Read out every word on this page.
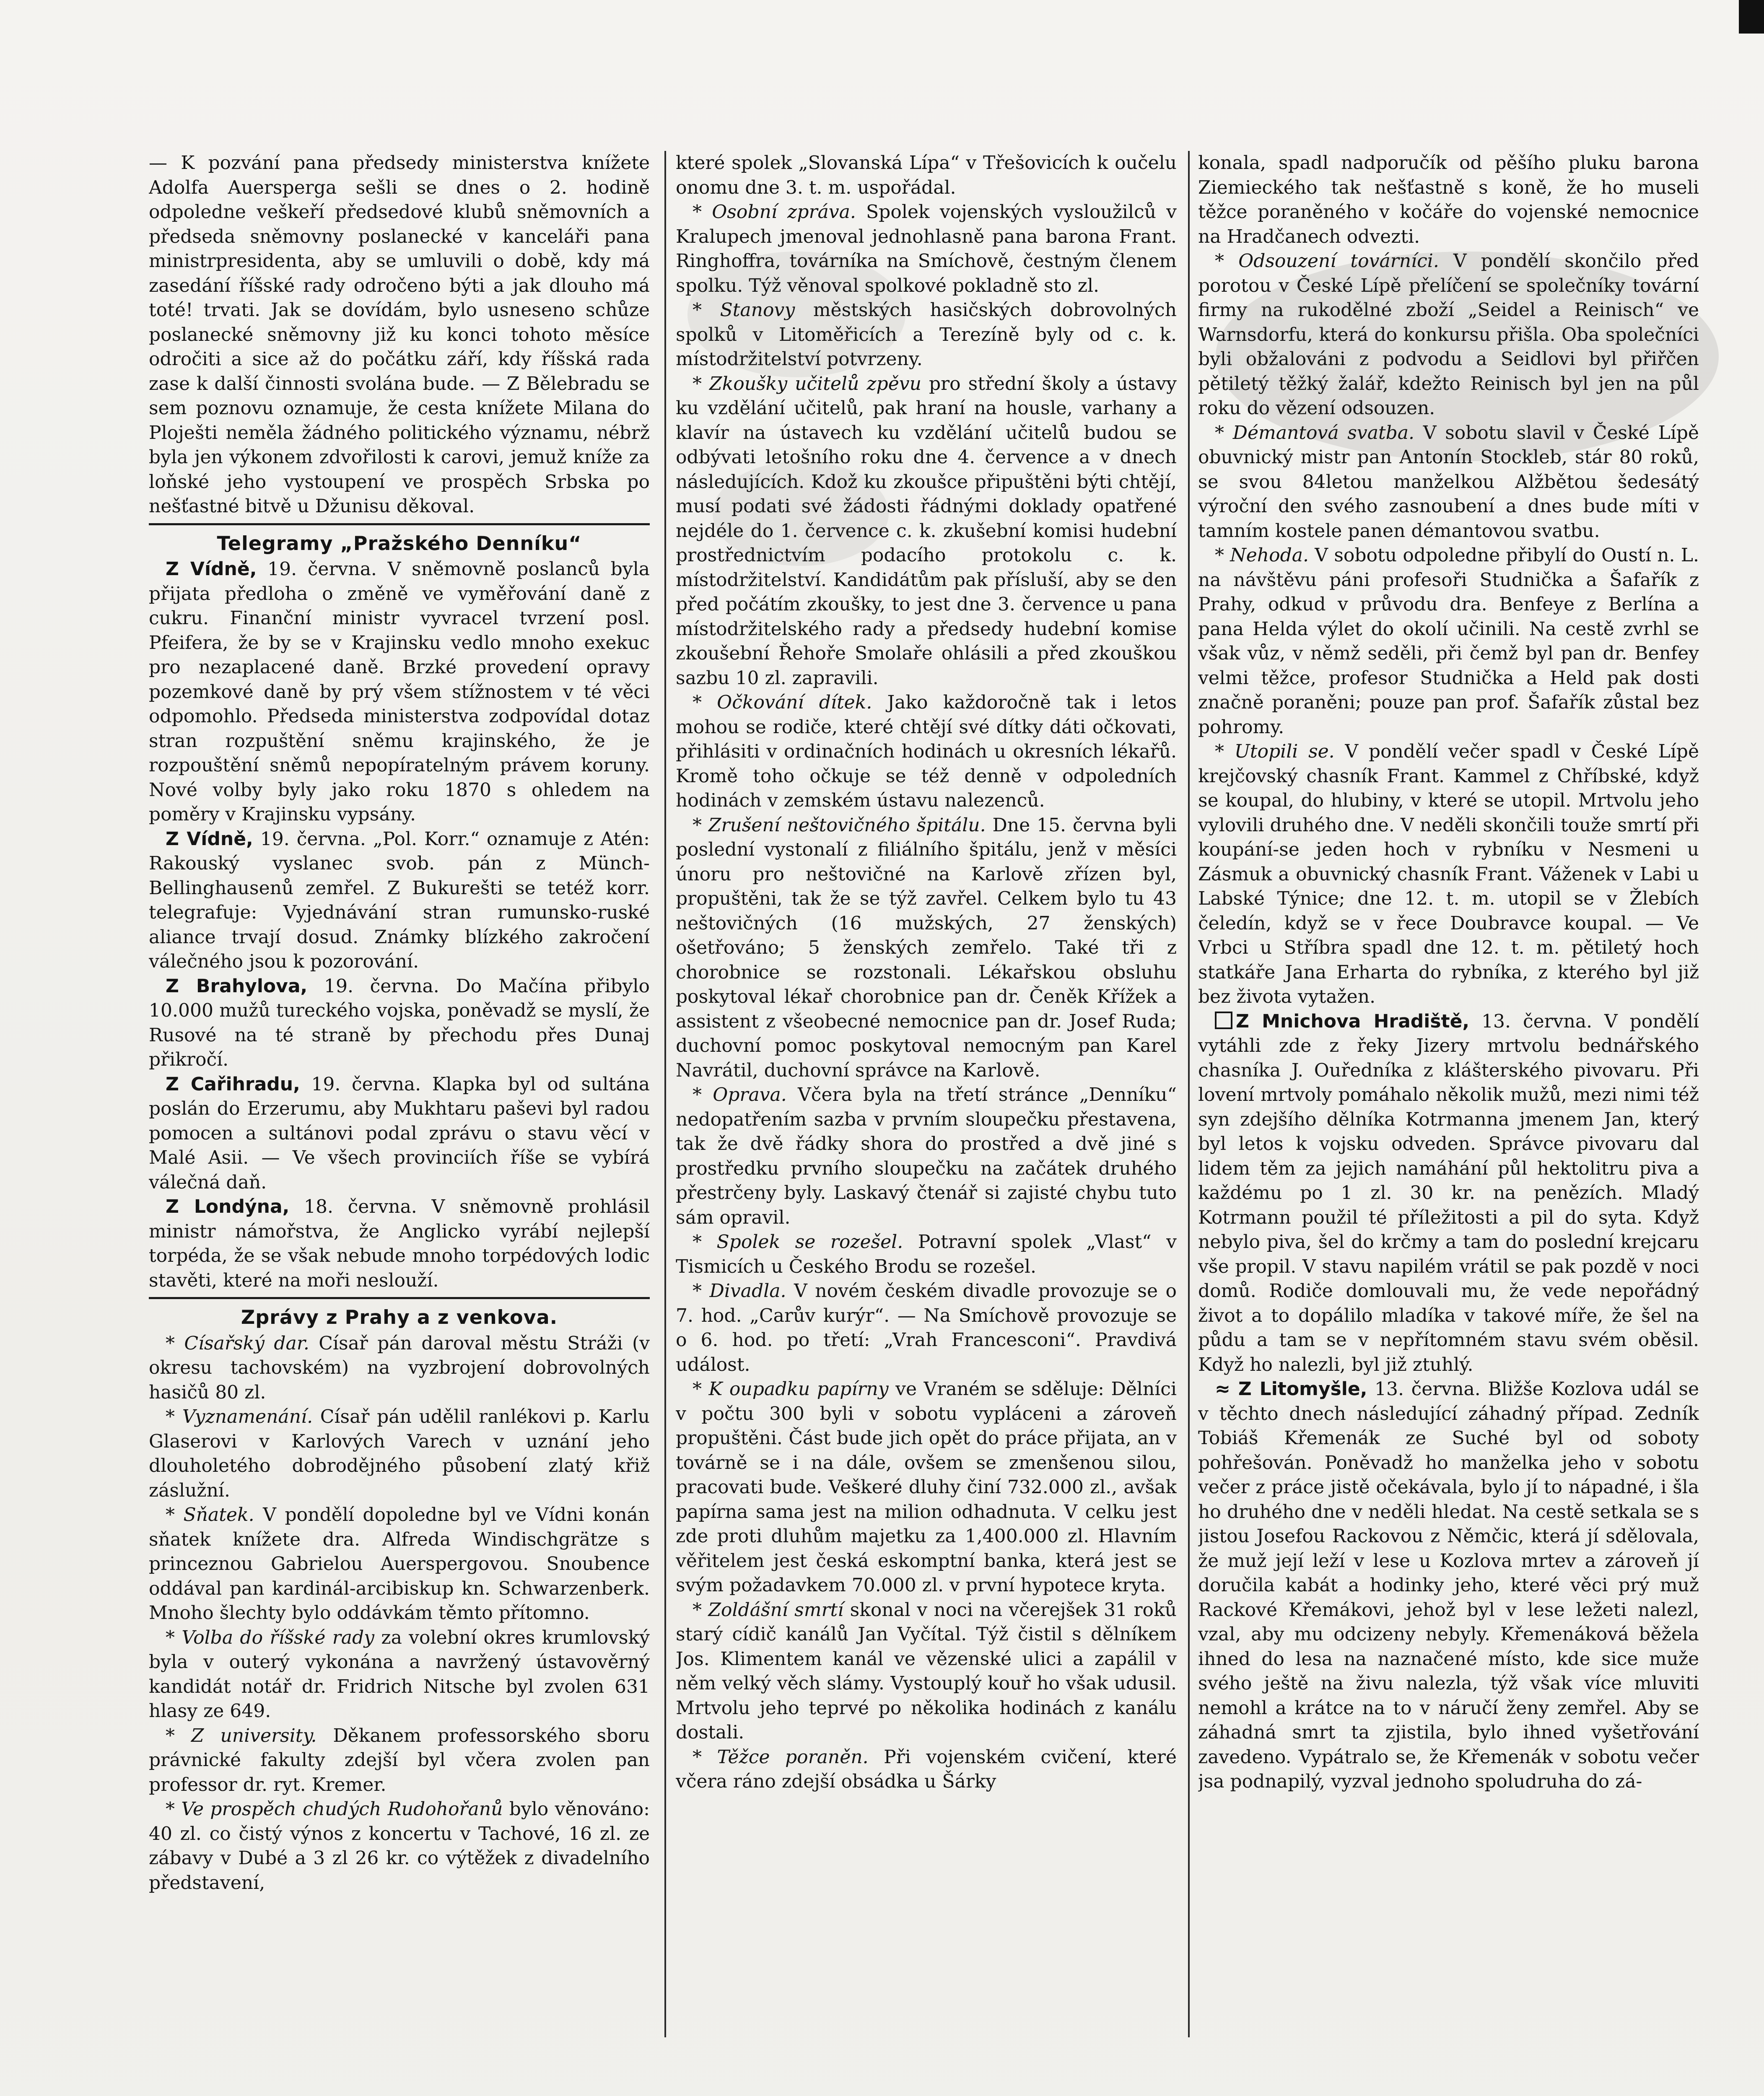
— K pozvání pana předsedy ministerstva knížete Adolfa Auersperga sešli se dnes o 2. hodině odpoledne veškeří předsedové klubů sněmovních a předseda sněmovny poslanecké v kanceláři pana ministrpresidenta, aby se umluvili o době, kdy má zasedání říšské rady odročeno býti a jak dlouho má toté! trvati. Jak se dovídám, bylo usneseno schůze poslanecké sněmovny již ku konci tohoto měsíce odročiti a sice až do počátku září, kdy říšská rada zase k další činnosti svolána bude. — Z Bělebradu se sem poznovu oznamuje, že cesta knížete Milana do Ploješti neměla žádného politického významu, nébrž byla jen výkonem zdvořilosti k carovi, jemuž kníže za loňské jeho vystoupení ve prospěch Srbska po nešťastné bitvě u Džunisu děkoval.

Telegramy „Pražského Denníku“

Z Vídně, 19. června. V sněmovně poslanců byla přijata předloha o změně ve vyměřování daně z cukru. Finanční ministr vyvracel tvrzení posl. Pfeifera, že by se v Krajinsku vedlo mnoho exekuc pro nezaplacené daně. Brzké provedení opravy pozemkové daně by prý všem stížnostem v té věci odpomohlo. Předseda ministerstva zodpovídal dotaz stran rozpuštění sněmu krajinského, že je rozpouštění sněmů nepopíratelným právem koruny. Nové volby byly jako roku 1870 s ohledem na poměry v Krajinsku vypsány.

Z Vídně, 19. června. „Pol. Korr.“ oznamuje z Atén: Rakouský vyslanec svob. pán z Münch-Bellinghausenů zemřel. Z Bukurešti se tetéž korr. telegrafuje: Vyjednávání stran rumunsko-ruské aliance trvají dosud. Známky blízkého zakročení válečného jsou k pozorování.

Z Brahylova, 19. června. Do Mačína přibylo 10.000 mužů tureckého vojska, poněvadž se myslí, že Rusové na té straně by přechodu přes Dunaj přikročí.

Z Cařihradu, 19. června. Klapka byl od sultána poslán do Erzerumu, aby Mukhtaru paševi byl radou pomocen a sultánovi podal zprávu o stavu věcí v Malé Asii. — Ve všech provinciích říše se vybírá válečná daň.

Z Londýna, 18. června. V sněmovně prohlásil ministr námořstva, že Anglicko vyrábí nejlepší torpéda, že se však nebude mnoho torpédových lodic stavěti, které na moři neslouží.

Zprávy z Prahy a z venkova.

* Císařský dar. Císař pán daroval městu Stráži (v okresu tachovském) na vyzbrojení dobrovolných hasičů 80 zl.

* Vyznamenání. Císař pán udělil ranlékovi p. Karlu Glaserovi v Karlových Varech v uznání jeho dlouholetého dobrodějného působení zlatý křiž záslužní.

* Sňatek. V pondělí dopoledne byl ve Vídni konán sňatek knížete dra. Alfreda Windischgrätze s princeznou Gabrielou Auerspergovou. Snoubence oddával pan kardinál-arcibiskup kn. Schwarzenberk. Mnoho šlechty bylo oddávkám těmto přítomno.

* Volba do říšské rady za volební okres krumlovský byla v outerý vykonána a navržený ústavověrný kandidát notář dr. Fridrich Nitsche byl zvolen 631 hlasy ze 649.

* Z university. Děkanem professorského sboru právnické fakulty zdejší byl včera zvolen pan professor dr. ryt. Kremer.

* Ve prospěch chudých Rudohořanů bylo věnováno: 40 zl. co čistý výnos z koncertu v Tachové, 16 zl. ze zábavy v Dubé a 3 zl 26 kr. co výtěžek z divadelního představení,

které spolek „Slovanská Lípa“ v Třešovicích k oučelu onomu dne 3. t. m. uspořádal.

* Osobní zpráva. Spolek vojenských vysloužilců v Kralupech jmenoval jednohlasně pana barona Frant. Ringhoffra, továrníka na Smíchově, čestným členem spolku. Týž věnoval spolkové pokladně sto zl.

* Stanovy městských hasičských dobrovolných spolků v Litoměřicích a Terezíně byly od c. k. místodržitelství potvrzeny.

* Zkoušky učitelů zpěvu pro střední školy a ústavy ku vzdělání učitelů, pak hraní na housle, varhany a klavír na ústavech ku vzdělání učitelů budou se odbývati letošního roku dne 4. července a v dnech následujících. Kdož ku zkoušce připuštěni býti chtějí, musí podati své žádosti řádnými doklady opatřené nejdéle do 1. července c. k. zkušební komisi hudební prostřednictvím podacího protokolu c. k. místodržitelství. Kandidátům pak přísluší, aby se den před počátím zkoušky, to jest dne 3. července u pana místodržitelského rady a předsedy hudební komise zkoušební Řehoře Smolaře ohlásili a před zkouškou sazbu 10 zl. zapravili.

* Očkování dítek. Jako každoročně tak i letos mohou se rodiče, které chtějí své dítky dáti očkovati, přihlásiti v ordinačních hodinách u okresních lékařů. Kromě toho očkuje se též denně v odpoledních hodinách v zemském ústavu nalezenců.

* Zrušení neštovičného špitálu. Dne 15. června byli poslední vystonalí z filiálního špitálu, jenž v měsíci únoru pro neštovičné na Karlově zřízen byl, propuštěni, tak že se týž zavřel. Celkem bylo tu 43 neštovičných (16 mužských, 27 ženských) ošetřováno; 5 ženských zemřelo. Také tři z chorobnice se rozstonali. Lékařskou obsluhu poskytoval lékař chorobnice pan dr. Čeněk Křížek a assistent z všeobecné nemocnice pan dr. Josef Ruda; duchovní pomoc poskytoval nemocným pan Karel Navrátil, duchovní správce na Karlově.

* Oprava. Včera byla na třetí stránce „Denníku“ nedopatřením sazba v prvním sloupečku přestavena, tak že dvě řádky shora do prostřed a dvě jiné s prostředku prvního sloupečku na začátek druhého přestrčeny byly. Laskavý čtenář si zajisté chybu tuto sám opravil.

* Spolek se rozešel. Potravní spolek „Vlast“ v Tismicích u Českého Brodu se rozešel.

* Divadla. V novém českém divadle provozuje se o 7. hod. „Carův kurýr“. — Na Smíchově provozuje se o 6. hod. po třetí: „Vrah Francesconi“. Pravdivá událost.

* K oupadku papírny ve Vraném se sděluje: Dělníci v počtu 300 byli v sobotu vypláceni a zároveň propuštěni. Část bude jich opět do práce přijata, an v továrně se i na dále, ovšem se zmenšenou silou, pracovati bude. Veškeré dluhy činí 732.000 zl., avšak papírna sama jest na milion odhadnuta. V celku jest zde proti dluhům majetku za 1,400.000 zl. Hlavním věřitelem jest česká eskomptní banka, která jest se svým požadavkem 70.000 zl. v první hypotece kryta.

* Zoldášní smrtí skonal v noci na včerejšek 31 roků starý cídič kanálů Jan Vyčítal. Týž čistil s dělníkem Jos. Klimentem kanál ve vězenské ulici a zapálil v něm velký věch slámy. Vystouplý kouř ho však udusil. Mrtvolu jeho teprvé po několika hodinách z kanálu dostali.

* Těžce poraněn. Při vojenském cvičení, které včera ráno zdejší obsádka u Šárky

konala, spadl nadporučík od pěšího pluku barona Ziemieckého tak nešťastně s koně, že ho museli těžce poraněného v kočáře do vojenské nemocnice na Hradčanech odvezti.

* Odsouzení továrníci. V pondělí skončilo před porotou v České Lípě přelíčení se společníky tovární firmy na rukodělné zboží „Seidel a Reinisch“ ve Warnsdorfu, která do konkursu přišla. Oba společníci byli obžalováni z podvodu a Seidlovi byl přiřčen pětiletý těžký žalář, kdežto Reinisch byl jen na půl roku do vězení odsouzen.

* Démantová svatba. V sobotu slavil v České Lípě obuvnický mistr pan Antonín Stockleb, stár 80 roků, se svou 84letou manželkou Alžbětou šedesátý výroční den svého zasnoubení a dnes bude míti v tamním kostele panen démantovou svatbu.

* Nehoda. V sobotu odpoledne přibylí do Oustí n. L. na návštěvu páni profesoři Studnička a Šafařík z Prahy, odkud v průvodu dra. Benfeye z Berlína a pana Helda výlet do okolí učinili. Na cestě zvrhl se však vůz, v němž seděli, při čemž byl pan dr. Benfey velmi těžce, profesor Studnička a Held pak dosti značně poraněni; pouze pan prof. Šafařík zůstal bez pohromy.

* Utopili se. V pondělí večer spadl v České Lípě krejčovský chasník Frant. Kammel z Chříbské, když se koupal, do hlubiny, v které se utopil. Mrtvolu jeho vylovili druhého dne. V neděli skončili touže smrtí při koupání-se jeden hoch v rybníku v Nesmeni u Zásmuk a obuvnický chasník Frant. Váženek v Labi u Labské Týnice; dne 12. t. m. utopil se v Žlebích čeledín, když se v řece Doubravce koupal. — Ve Vrbci u Stříbra spadl dne 12. t. m. pětiletý hoch statkáře Jana Erharta do rybníka, z kterého byl již bez života vytažen.

Z Mnichova Hradiště, 13. června. V pondělí vytáhli zde z řeky Jizery mrtvolu bednářského chasníka J. Ouředníka z klášterského pivovaru. Při lovení mrtvoly pomáhalo několik mužů, mezi nimi též syn zdejšího dělníka Kotrmanna jmenem Jan, který byl letos k vojsku odveden. Správce pivovaru dal lidem těm za jejich namáhání půl hektolitru piva a každému po 1 zl. 30 kr. na penězích. Mladý Kotrmann použil té příležitosti a pil do syta. Když nebylo piva, šel do krčmy a tam do poslední krejcaru vše propil. V stavu napilém vrátil se pak pozdě v noci domů. Rodiče domlouvali mu, že vede nepořádný život a to dopálilo mladíka v takové míře, že šel na půdu a tam se v nepřítomném stavu svém oběsil. Když ho nalezli, byl již ztuhlý.

≈ Z Litomyšle, 13. června. Bližše Kozlova udál se v těchto dnech následující záhadný případ. Zedník Tobiáš Křemenák ze Suché byl od soboty pohřešován. Poněvadž ho manželka jeho v sobotu večer z práce jistě očekávala, bylo jí to nápadné, i šla ho druhého dne v neděli hledat. Na cestě setkala se s jistou Josefou Rackovou z Němčic, která jí sdělovala, že muž její leží v lese u Kozlova mrtev a zároveň jí doručila kabát a hodinky jeho, které věci prý muž Rackové Křemákovi, jehož byl v lese ležeti nalezl, vzal, aby mu odcizeny nebyly. Křemenáková běžela ihned do lesa na naznačené místo, kde sice muže svého ještě na živu nalezla, týž však více mluviti nemohl a krátce na to v náručí ženy zemřel. Aby se záhadná smrt ta zjistila, bylo ihned vyšetřování zavedeno. Vypátralo se, že Křemenák v sobotu večer jsa podnapilý, vyzval jednoho spoludruha do zá-
